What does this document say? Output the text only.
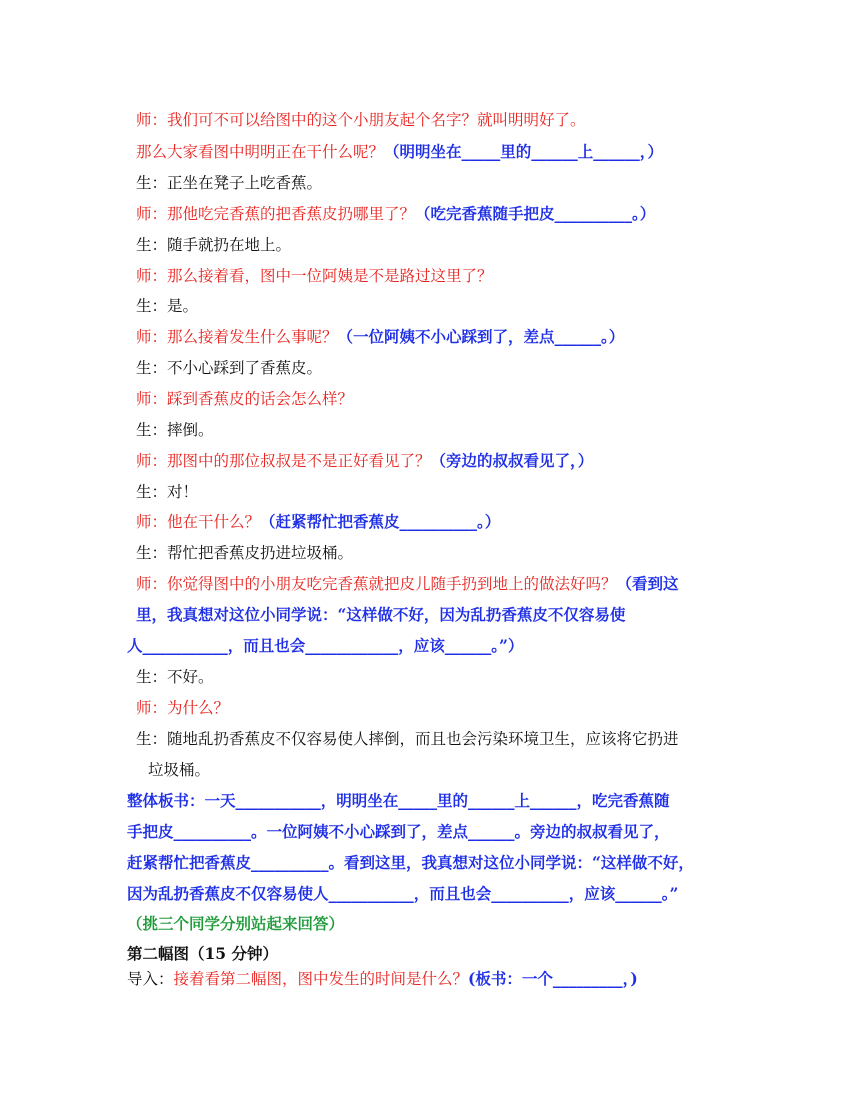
师：我们可不可以给图中的这个小朋友起个名字？就叫明明好了。
那么大家看图中明明正在干什么呢？（明明坐在_____里的______上______，）
生：正坐在凳子上吃香蕉。
师：那他吃完香蕉的把香蕉皮扔哪里了？（吃完香蕉随手把皮__________。）
生：随手就扔在地上。
师：那么接着看，图中一位阿姨是不是路过这里了？
生：是。
师：那么接着发生什么事呢？（一位阿姨不小心踩到了，差点______。）
生：不小心踩到了香蕉皮。
师：踩到香蕉皮的话会怎么样？
生：摔倒。
师：那图中的那位叔叔是不是正好看见了？（旁边的叔叔看见了，）
生：对！
师：他在干什么？（赶紧帮忙把香蕉皮__________。）
生：帮忙把香蕉皮扔进垃圾桶。
师：你觉得图中的小朋友吃完香蕉就把皮儿随手扔到地上的做法好吗？（看到这
里，我真想对这位小同学说：“这样做不好，因为乱扔香蕉皮不仅容易使
人___________，而且也会____________，应该______。”）
生：不好。
师：为什么？
生：随地乱扔香蕉皮不仅容易使人摔倒，而且也会污染环境卫生，应该将它扔进
垃圾桶。
整体板书：一天___________，明明坐在_____里的______上______，吃完香蕉随
手把皮__________。一位阿姨不小心踩到了，差点______。旁边的叔叔看见了，
赶紧帮忙把香蕉皮__________。看到这里，我真想对这位小同学说：“这样做不好，
因为乱扔香蕉皮不仅容易使人___________，而且也会__________，应该______。”
（挑三个同学分别站起来回答）
第二幅图（15 分钟）
导入：接着看第二幅图，图中发生的时间是什么？(板书：一个_________，)
